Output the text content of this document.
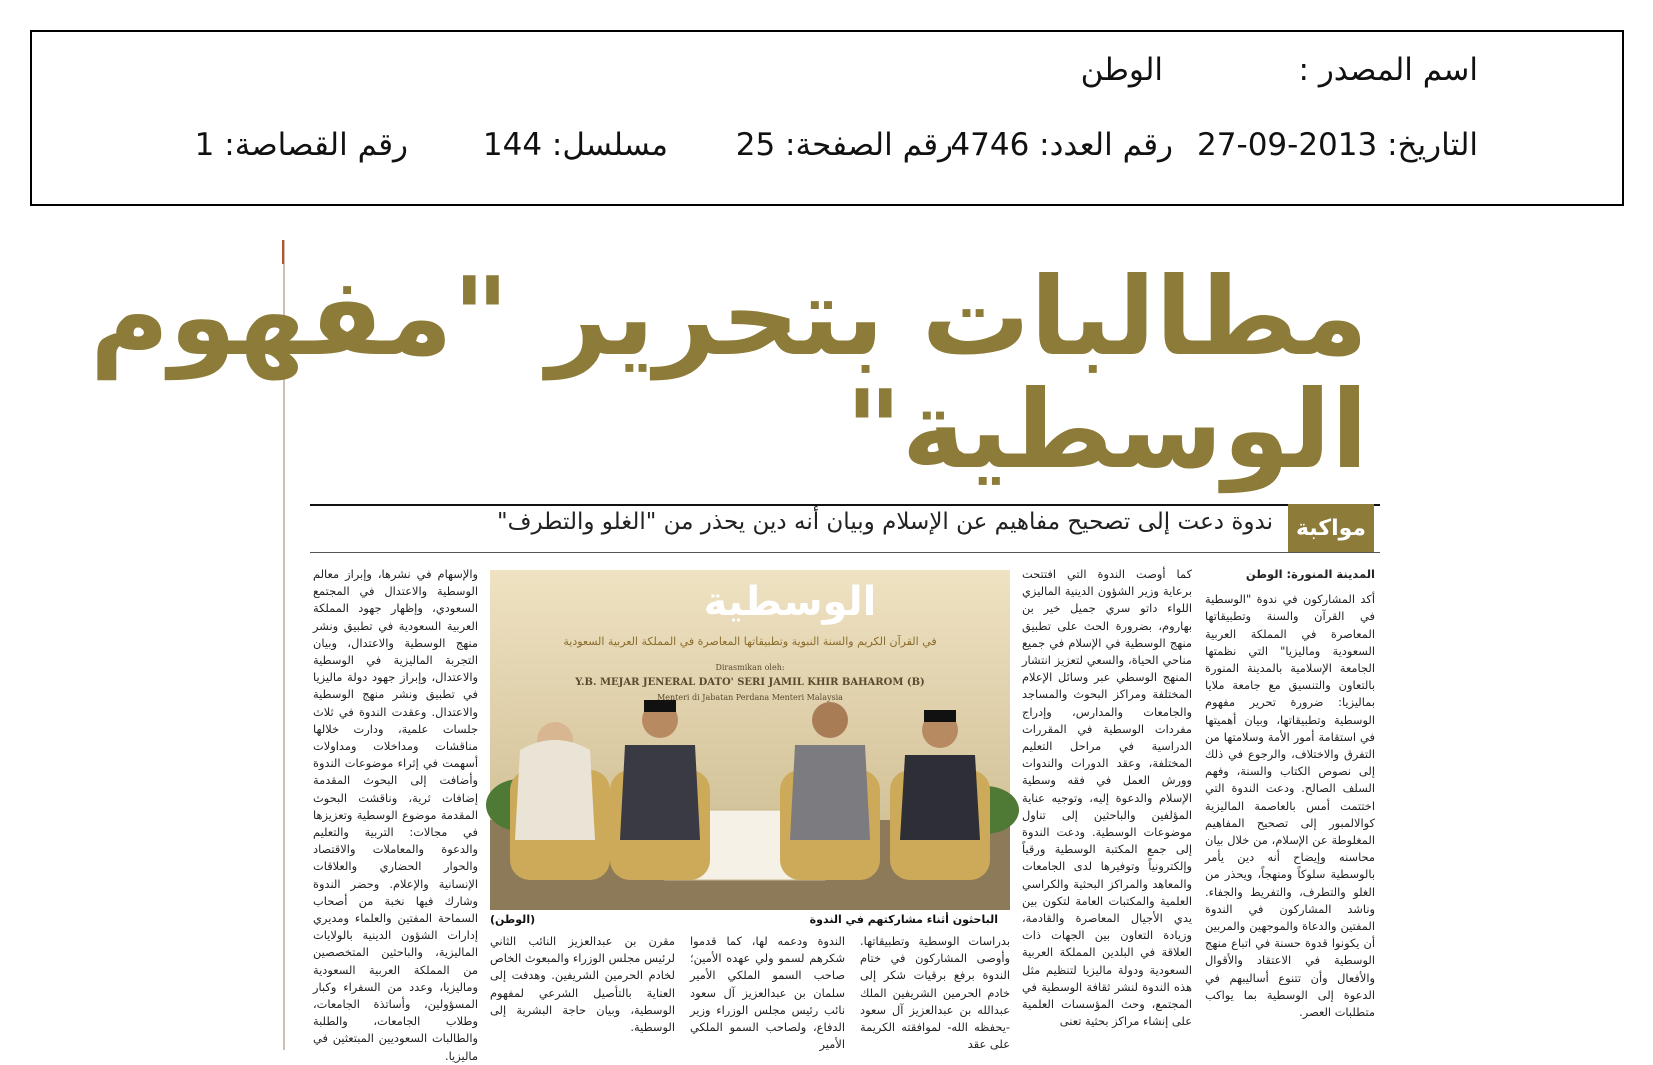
اسم المصدر :
الوطن
التاريخ: 2013-09-27
رقم العدد: 4746
رقم الصفحة: 25
مسلسل: 144
رقم القصاصة: 1
مطالبات بتحرير "مفهوم
الوسطية"
مواكبة
ندوة دعت إلى تصحيح مفاهيم عن الإسلام وبيان أنه دين يحذر من "الغلو والتطرف"
المدينة المنورة: الوطن
أكد المشاركون في ندوة "الوسطية في القرآن والسنة وتطبيقاتها المعاصرة في المملكة العربية السعودية وماليزيا" التي نظمتها الجامعة الإسلامية بالمدينة المنورة بالتعاون والتنسيق مع جامعة ملايا بماليزيا: ضرورة تحرير مفهوم الوسطية وتطبيقاتها، وبيان أهميتها في استقامة أمور الأمة وسلامتها من التفرق والاختلاف، والرجوع في ذلك إلى نصوص الكتاب والسنة، وفهم السلف الصالح. ودعت الندوة التي اختتمت أمس بالعاصمة الماليزية كوالالمبور إلى تصحيح المفاهيم المغلوطة عن الإسلام، من خلال بيان محاسنه وإيضاح أنه دين يأمر بالوسطية سلوكاً ومنهجاً، ويحذر من الغلو والتطرف، والتفريط والجفاء. وناشد المشاركون في الندوة المفتين والدعاة والموجهين والمربين أن يكونوا قدوة حسنة في اتباع منهج الوسطية في الاعتقاد والأقوال والأفعال وأن تتنوع أساليبهم في الدعوة إلى الوسطية بما يواكب متطلبات العصر.
كما أوصت الندوة التي افتتحت برعاية وزير الشؤون الدينية الماليزي اللواء داتو سري جميل خير بن بهاروم، بضرورة الحث على تطبيق منهج الوسطية في الإسلام في جميع مناحي الحياة، والسعي لتعزيز انتشار المنهج الوسطي عبر وسائل الإعلام المختلفة ومراكز البحوث والمساجد والجامعات والمدارس، وإدراج مفردات الوسطية في المقررات الدراسية في مراحل التعليم المختلفة، وعقد الدورات والندوات وورش العمل في فقه وسطية الإسلام والدعوة إليه، وتوجيه عناية المؤلفين والباحثين إلى تناول موضوعات الوسطية. ودعت الندوة إلى جمع المكتبة الوسطية ورقياً وإلكترونياً وتوفيرها لدى الجامعات والمعاهد والمراكز البحثية والكراسي العلمية والمكتبات العامة لتكون بين يدي الأجيال المعاصرة والقادمة، وزيادة التعاون بين الجهات ذات العلاقة في البلدين المملكة العربية السعودية ودولة ماليزيا لتنظيم مثل هذه الندوة لنشر ثقافة الوسطية في المجتمع، وحث المؤسسات العلمية على إنشاء مراكز بحثية تعنى
الوسطية
في القرآن الكريم والسنة النبوية وتطبيقاتها المعاصرة في المملكة العربية السعودية
Dirasmikan oleh:
Y.B. MEJAR JENERAL DATO' SERI JAMIL KHIR BAHAROM (B)
Menteri di Jabatan Perdana Menteri Malaysia
الباحثون أثناء مشاركتهم في الندوة
(الوطن)
والإسهام في نشرها، وإبراز معالم الوسطية والاعتدال في المجتمع السعودي، وإظهار جهود المملكة العربية السعودية في تطبيق ونشر منهج الوسطية والاعتدال، وبيان التجربة الماليزية في الوسطية والاعتدال، وإبراز جهود دولة ماليزيا في تطبيق ونشر منهج الوسطية والاعتدال. وعقدت الندوة في ثلاث جلسات علمية، ودارت خلالها مناقشات ومداخلات ومداولات أسهمت في إثراء موضوعات الندوة وأضافت إلى البحوث المقدمة إضافات ثرية، وناقشت البحوث المقدمة موضوع الوسطية وتعزيزها في مجالات: التربية والتعليم والدعوة والمعاملات والاقتصاد والحوار الحضاري والعلاقات الإنسانية والإعلام. وحضر الندوة وشارك فيها نخبة من أصحاب السماحة المفتين والعلماء ومديري إدارات الشؤون الدينية بالولايات الماليزية، والباحثين المتخصصين من المملكة العربية السعودية وماليزيا، وعدد من السفراء وكبار المسؤولين، وأساتذة الجامعات، وطلاب الجامعات، والطلبة والطالبات السعوديين المبتعثين في ماليزيا.
بدراسات الوسطية وتطبيقاتها. وأوصى المشاركون في ختام الندوة برفع برقيات شكر إلى خادم الحرمين الشريفين الملك عبدالله بن عبدالعزيز آل سعود -يحفظه الله- لموافقته الكريمة على عقد
الندوة ودعمه لها، كما قدموا شكرهم لسمو ولي عهده الأمين؛ صاحب السمو الملكي الأمير سلمان بن عبدالعزيز آل سعود نائب رئيس مجلس الوزراء وزير الدفاع، ولصاحب السمو الملكي الأمير
مقرن بن عبدالعزيز النائب الثاني لرئيس مجلس الوزراء والمبعوث الخاص لخادم الحرمين الشريفين. وهدفت إلى العناية بالتأصيل الشرعي لمفهوم الوسطية، وبيان حاجة البشرية إلى الوسطية.
